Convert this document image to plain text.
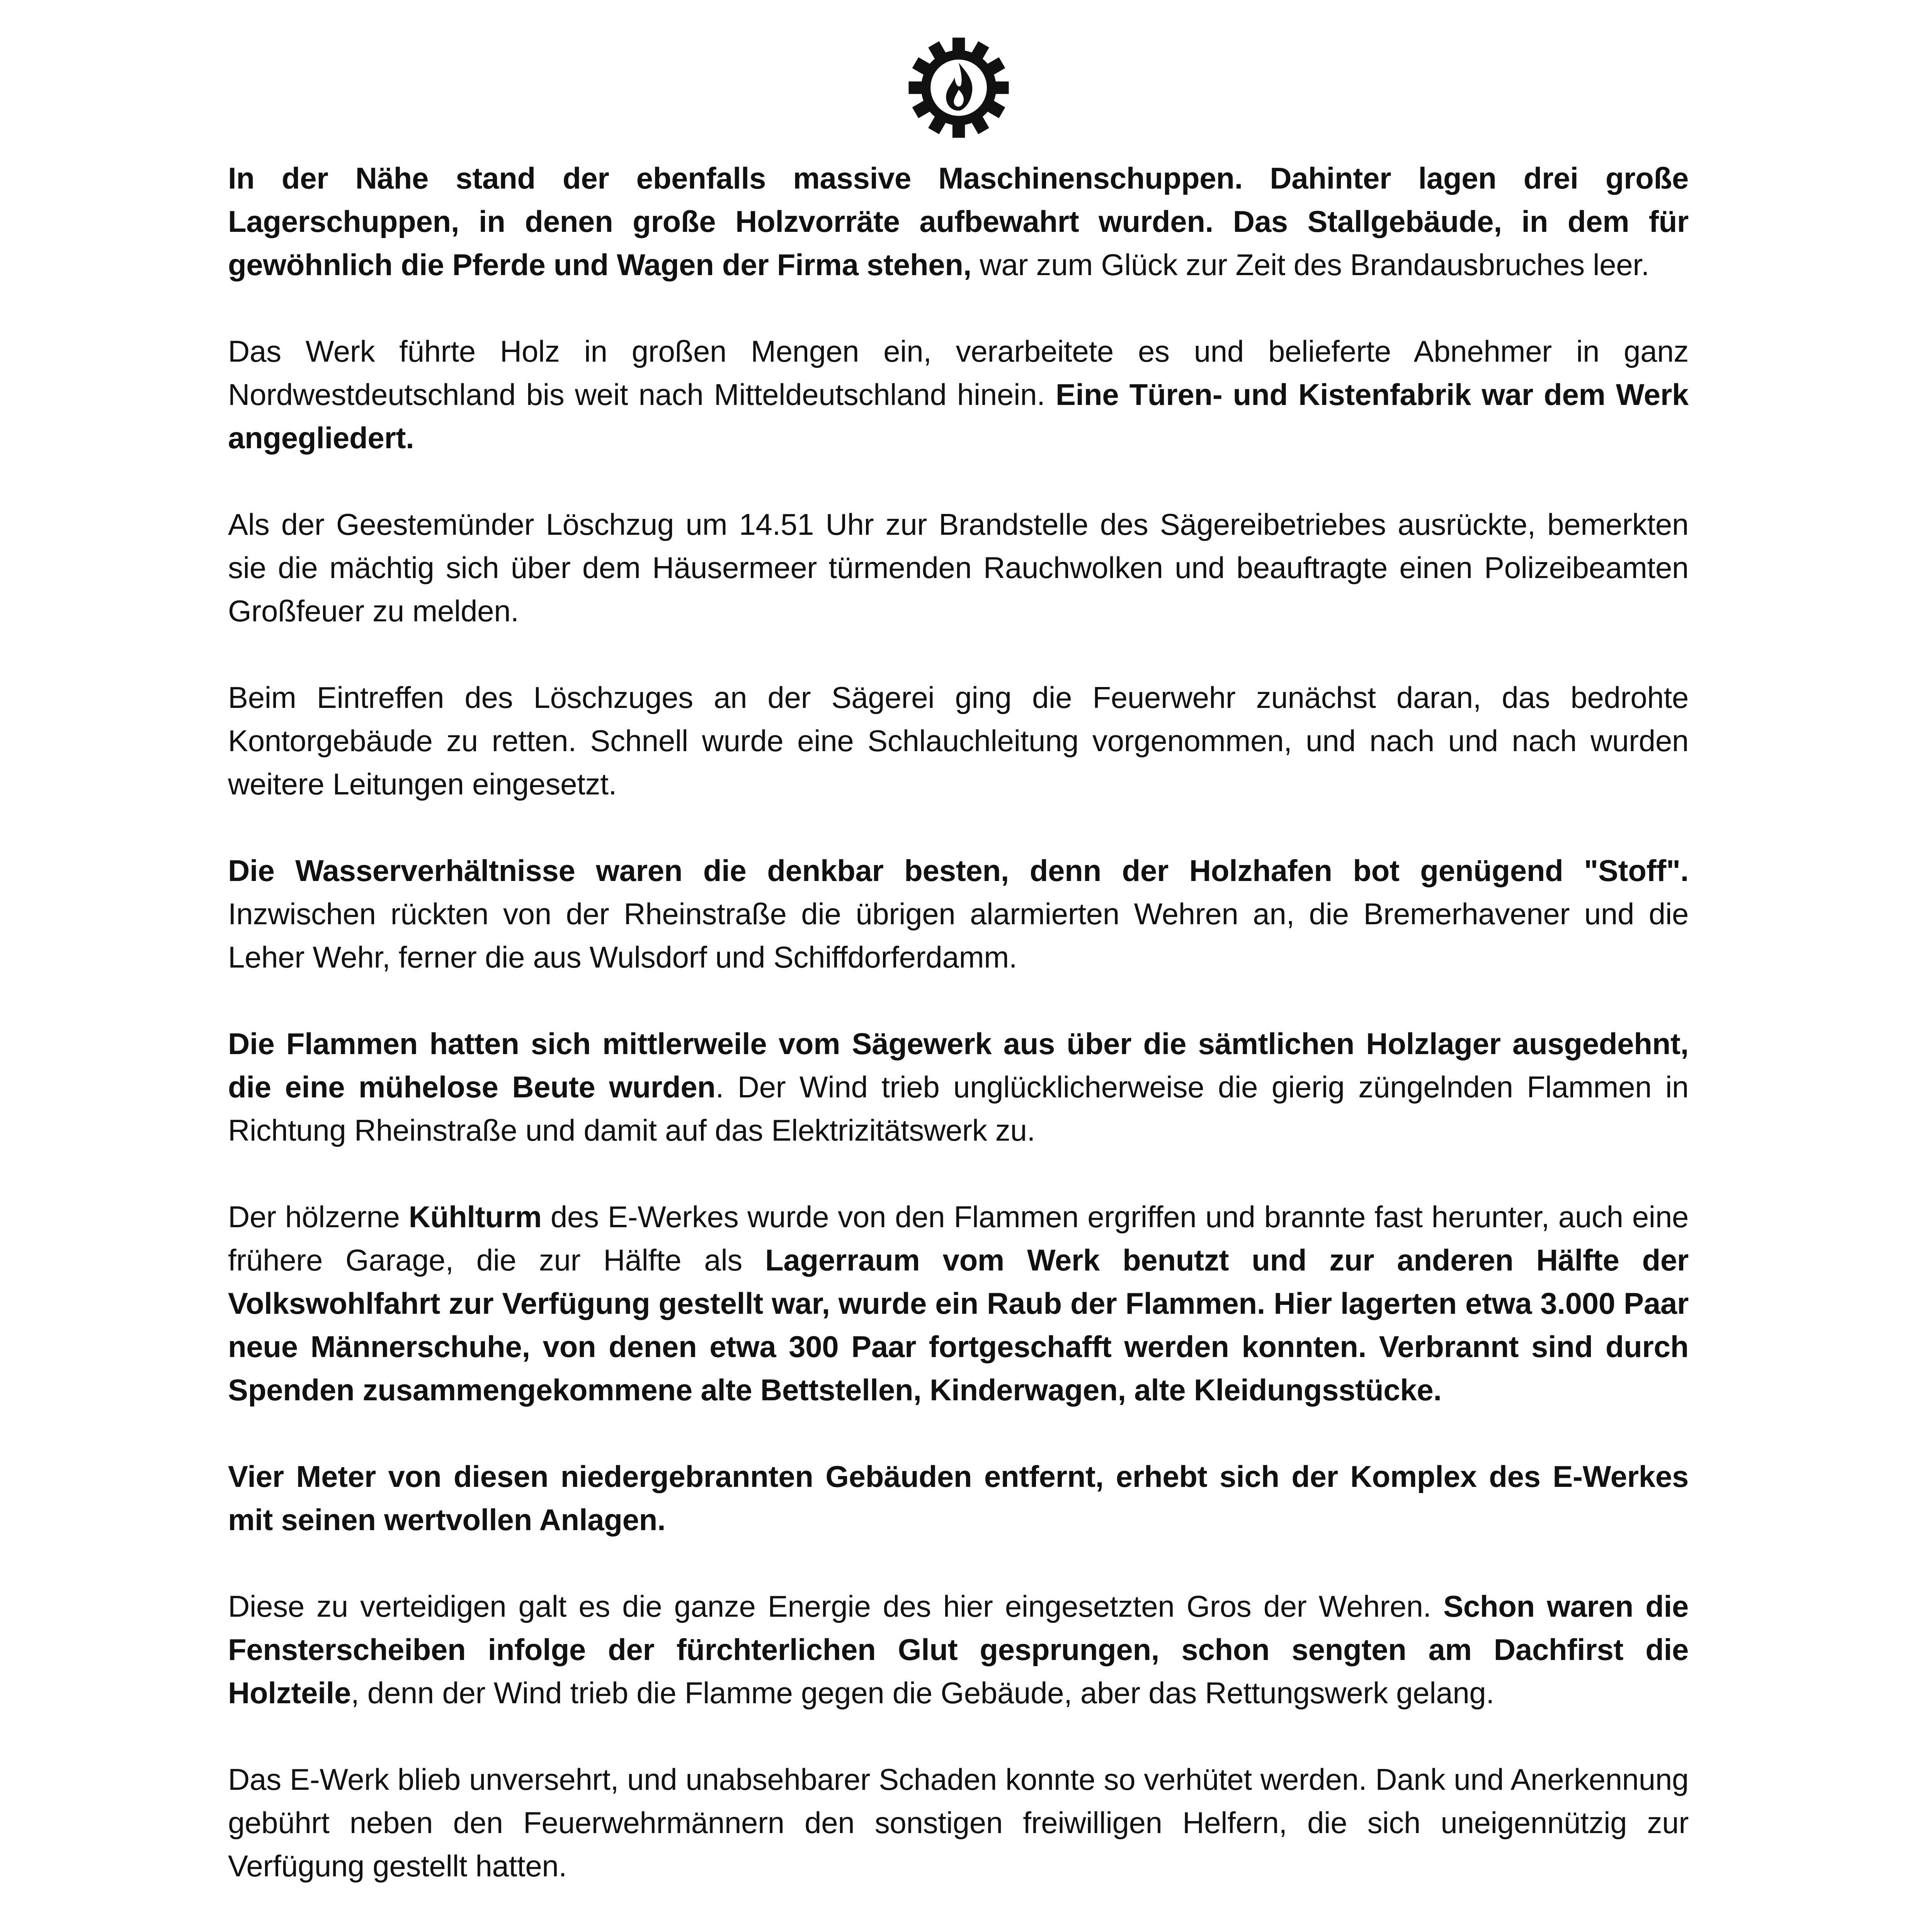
In der Nähe stand der ebenfalls massive Maschinenschuppen. Dahinter lagen drei große Lagerschuppen, in denen große Holzvorräte aufbewahrt wurden. Das Stallgebäude, in dem für gewöhnlich die Pferde und Wagen der Firma stehen, war zum Glück zur Zeit des Brandausbruches leer.

Das Werk führte Holz in großen Mengen ein, verarbeitete es und belieferte Abnehmer in ganz Nordwestdeutschland bis weit nach Mitteldeutschland hinein. Eine Türen- und Kistenfabrik war dem Werk angegliedert.

Als der Geestemünder Löschzug um 14.51 Uhr zur Brandstelle des Sägereibetriebes ausrückte, bemerkten sie die mächtig sich über dem Häusermeer türmenden Rauchwolken und beauftragte einen Polizeibeamten Großfeuer zu melden.

Beim Eintreffen des Löschzuges an der Sägerei ging die Feuerwehr zunächst daran, das bedrohte Kontorgebäude zu retten. Schnell wurde eine Schlauchleitung vorgenommen, und nach und nach wurden weitere Leitungen eingesetzt.

Die Wasserverhältnisse waren die denkbar besten, denn der Holzhafen bot genügend "Stoff". Inzwischen rückten von der Rheinstraße die übrigen alarmierten Wehren an, die Bremerhavener und die Leher Wehr, ferner die aus Wulsdorf und Schiffdorferdamm.

Die Flammen hatten sich mittlerweile vom Sägewerk aus über die sämtlichen Holzlager ausgedehnt, die eine mühelose Beute wurden. Der Wind trieb unglücklicherweise die gierig züngelnden Flammen in Richtung Rheinstraße und damit auf das Elektrizitätswerk zu.

Der hölzerne Kühlturm des E-Werkes wurde von den Flammen ergriffen und brannte fast herunter, auch eine frühere Garage, die zur Hälfte als Lagerraum vom Werk benutzt und zur anderen Hälfte der Volkswohlfahrt zur Verfügung gestellt war, wurde ein Raub der Flammen. Hier lagerten etwa 3.000 Paar neue Männerschuhe, von denen etwa 300 Paar fortgeschafft werden konnten. Verbrannt sind durch Spenden zusammengekommene alte Bettstellen, Kinderwagen, alte Kleidungsstücke.

Vier Meter von diesen niedergebrannten Gebäuden entfernt, erhebt sich der Komplex des E-Werkes mit seinen wertvollen Anlagen.

Diese zu verteidigen galt es die ganze Energie des hier eingesetzten Gros der Wehren. Schon waren die Fensterscheiben infolge der fürchterlichen Glut gesprungen, schon sengten am Dachfirst die Holzteile, denn der Wind trieb die Flamme gegen die Gebäude, aber das Rettungswerk gelang.

Das E-Werk blieb unversehrt, und unabsehbarer Schaden konnte so verhütet werden. Dank und Anerkennung gebührt neben den Feuerwehrmännern den sonstigen freiwilligen Helfern, die sich uneigennützig zur Verfügung gestellt hatten.
